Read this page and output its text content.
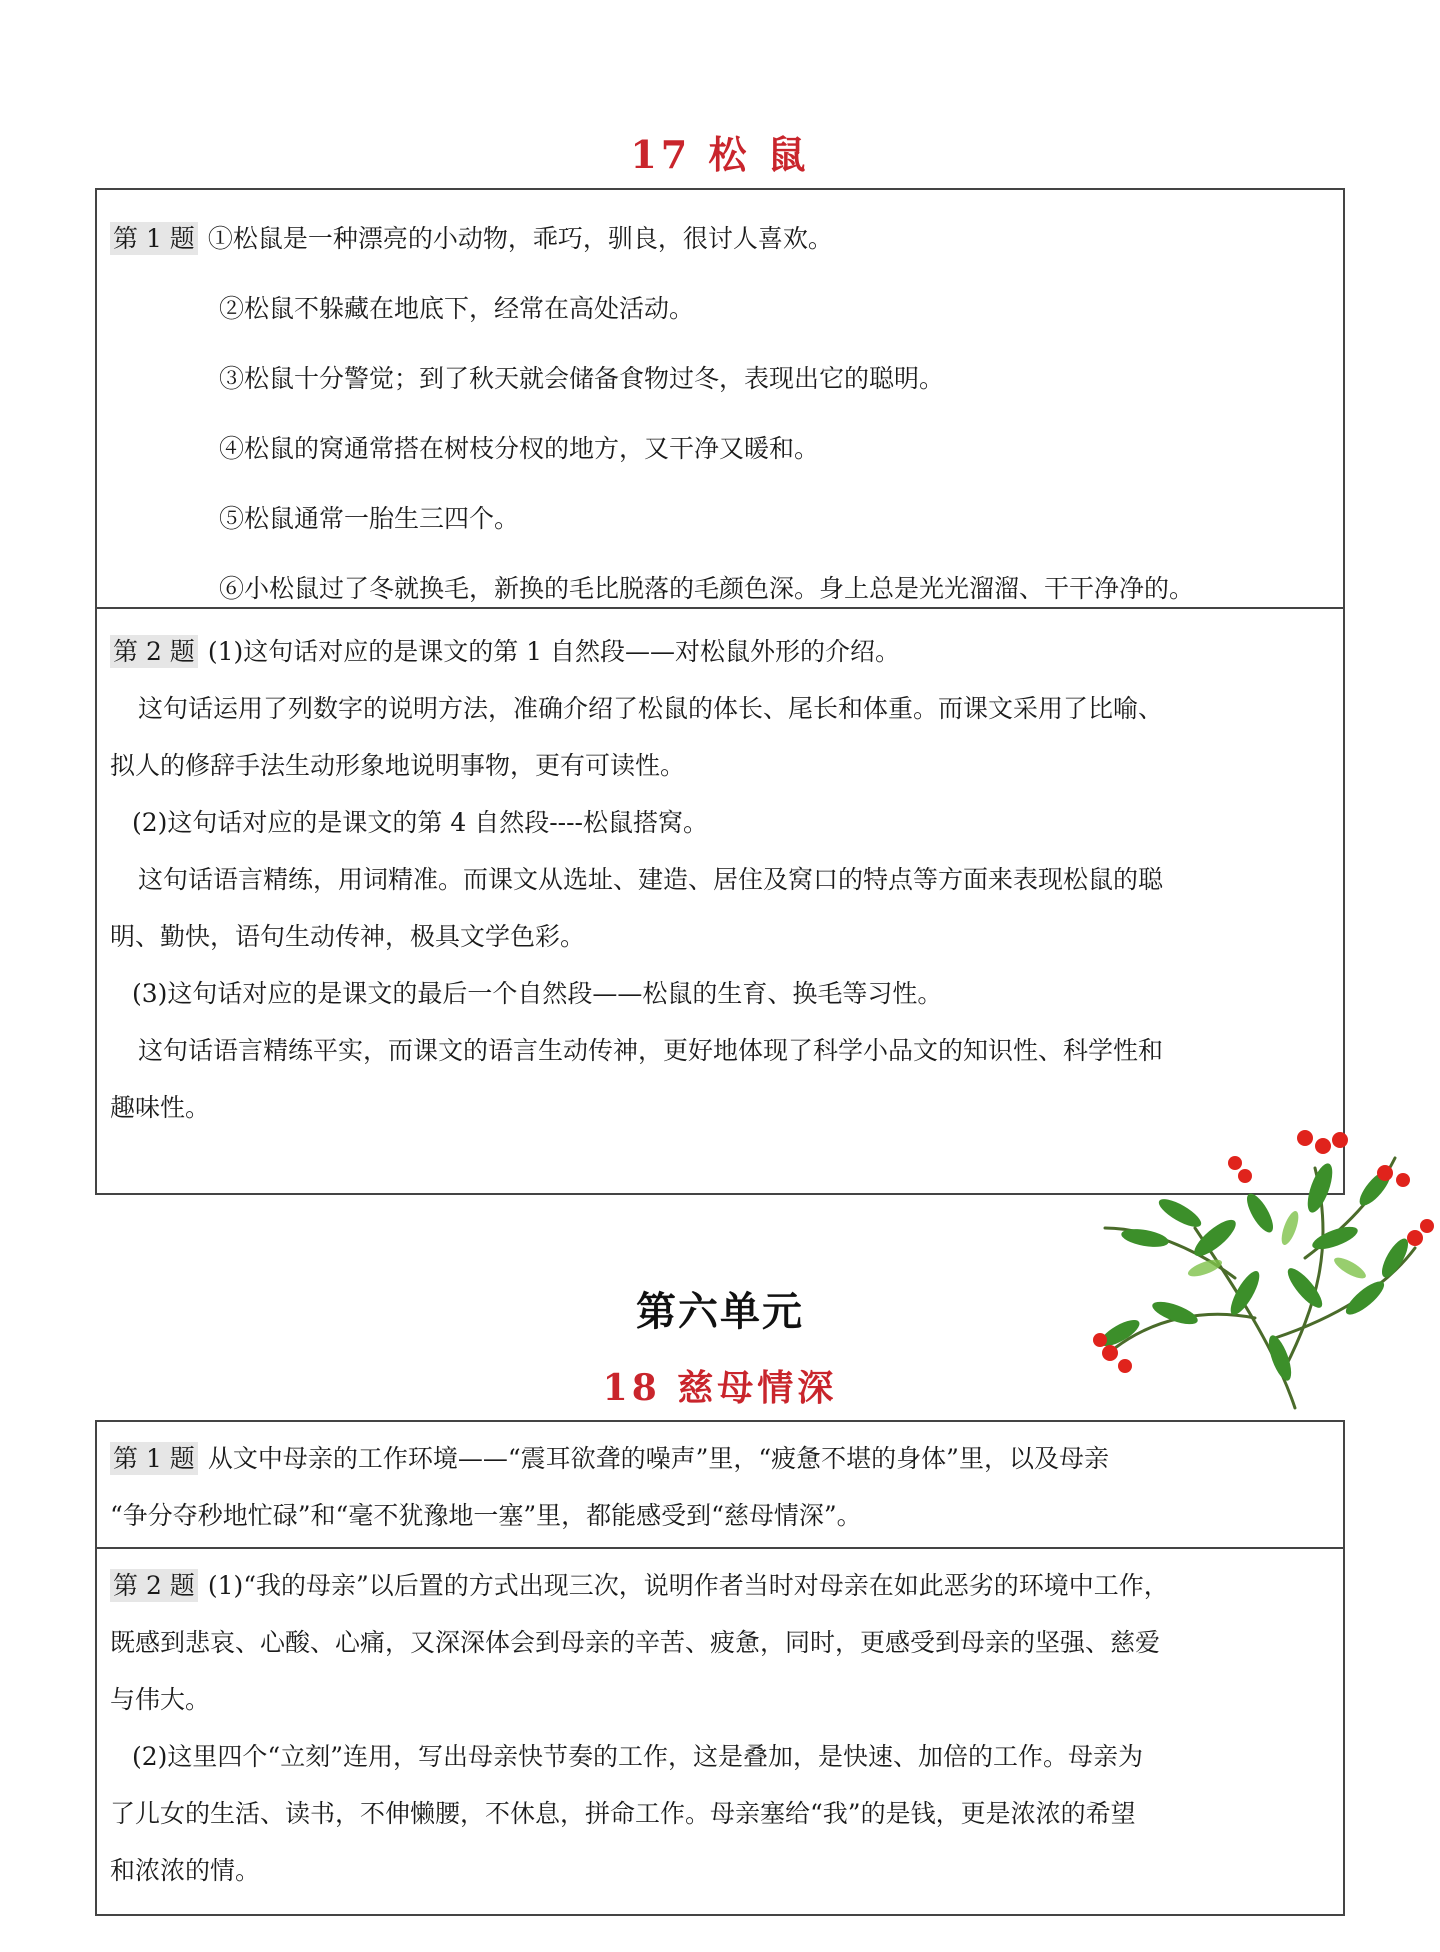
17 松 鼠
第 1 题 ①松鼠是一种漂亮的小动物，乖巧，驯良，很讨人喜欢。
②松鼠不躲藏在地底下，经常在高处活动。
③松鼠十分警觉；到了秋天就会储备食物过冬，表现出它的聪明。
④松鼠的窝通常搭在树枝分杈的地方，又干净又暖和。
⑤松鼠通常一胎生三四个。
⑥小松鼠过了冬就换毛，新换的毛比脱落的毛颜色深。身上总是光光溜溜、干干净净的。
第 2 题 (1)这句话对应的是课文的第 1 自然段——对松鼠外形的介绍。
这句话运用了列数字的说明方法，准确介绍了松鼠的体长、尾长和体重。而课文采用了比喻、
拟人的修辞手法生动形象地说明事物，更有可读性。
(2)这句话对应的是课文的第 4 自然段----松鼠搭窝。
这句话语言精练，用词精准。而课文从选址、建造、居住及窝口的特点等方面来表现松鼠的聪
明、勤快，语句生动传神，极具文学色彩。
(3)这句话对应的是课文的最后一个自然段——松鼠的生育、换毛等习性。
这句话语言精练平实，而课文的语言生动传神，更好地体现了科学小品文的知识性、科学性和
趣味性。
第六单元
18 慈母情深
第 1 题 从文中母亲的工作环境——“震耳欲聋的噪声”里，“疲惫不堪的身体”里，以及母亲
“争分夺秒地忙碌”和“毫不犹豫地一塞”里，都能感受到“慈母情深”。
第 2 题 (1)“我的母亲”以后置的方式出现三次，说明作者当时对母亲在如此恶劣的环境中工作，
既感到悲哀、心酸、心痛，又深深体会到母亲的辛苦、疲惫，同时，更感受到母亲的坚强、慈爱
与伟大。
(2)这里四个“立刻”连用，写出母亲快节奏的工作，这是叠加，是快速、加倍的工作。母亲为
了儿女的生活、读书，不伸懒腰，不休息，拼命工作。母亲塞给“我”的是钱，更是浓浓的希望
和浓浓的情。
